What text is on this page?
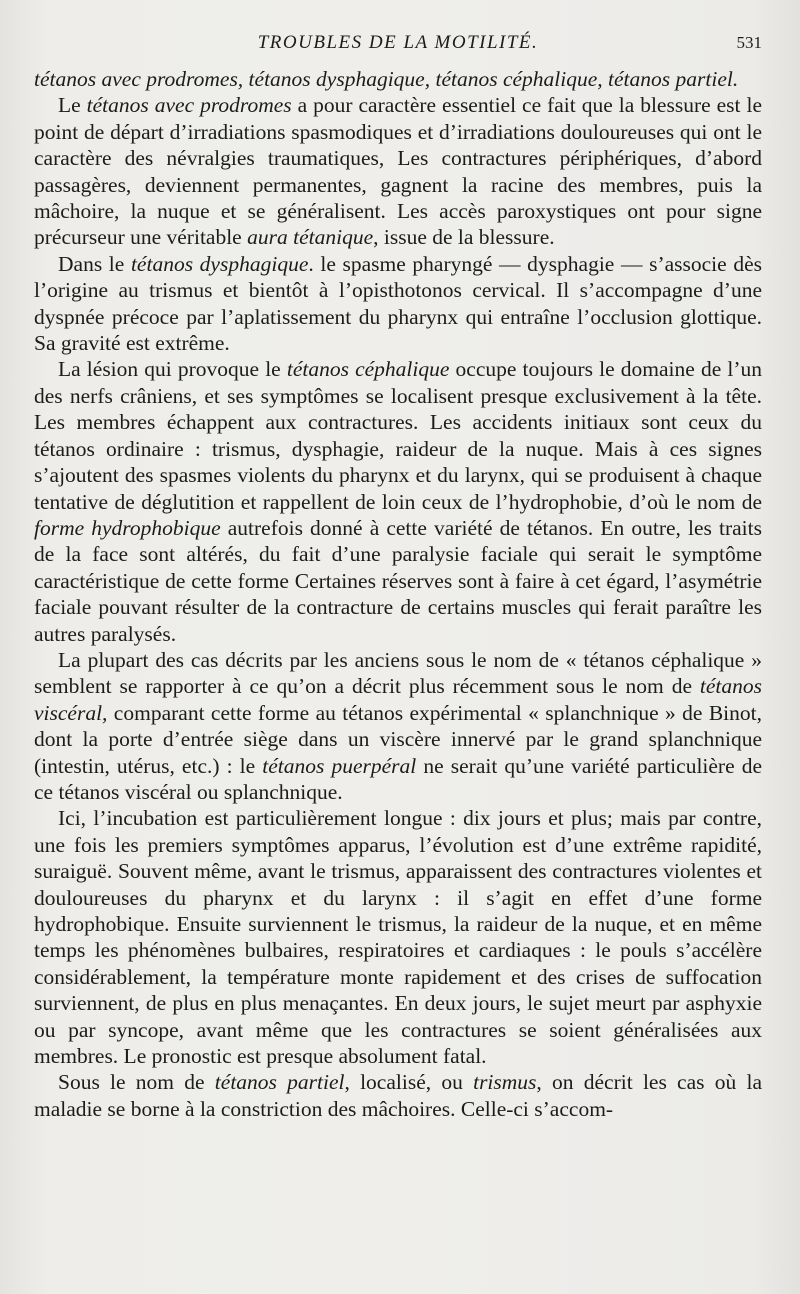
TROUBLES DE LA MOTILITÉ.	531

tétanos avec prodromes, tétanos dysphagique, tétanos céphalique, tétanos partiel.

Le tétanos avec prodromes a pour caractère essentiel ce fait que la blessure est le point de départ d’irradiations spasmodiques et d’irradiations douloureuses qui ont le caractère des névralgies traumatiques, Les contractures périphériques, d’abord passagères, deviennent permanentes, gagnent la racine des membres, puis la mâchoire, la nuque et se généralisent. Les accès paroxystiques ont pour signe précurseur une véritable aura tétanique, issue de la blessure.

Dans le tétanos dysphagique. le spasme pharyngé — dysphagie — s’associe dès l’origine au trismus et bientôt à l’opisthotonos cervical. Il s’accompagne d’une dyspnée précoce par l’aplatissement du pharynx qui entraîne l’occlusion glottique. Sa gravité est extrême.

La lésion qui provoque le tétanos céphalique occupe toujours le domaine de l’un des nerfs crâniens, et ses symptômes se localisent presque exclusivement à la tête. Les membres échappent aux contractures. Les accidents initiaux sont ceux du tétanos ordinaire : trismus, dysphagie, raideur de la nuque. Mais à ces signes s’ajoutent des spasmes violents du pharynx et du larynx, qui se produisent à chaque tentative de déglutition et rappellent de loin ceux de l’hydrophobie, d’où le nom de forme hydrophobique autrefois donné à cette variété de tétanos. En outre, les traits de la face sont altérés, du fait d’une paralysie faciale qui serait le symptôme caractéristique de cette forme Certaines réserves sont à faire à cet égard, l’asymétrie faciale pouvant résulter de la contracture de certains muscles qui ferait paraître les autres paralysés.

La plupart des cas décrits par les anciens sous le nom de « tétanos céphalique » semblent se rapporter à ce qu’on a décrit plus récemment sous le nom de tétanos viscéral, comparant cette forme au tétanos expérimental « splanchnique » de Binot, dont la porte d’entrée siège dans un viscère innervé par le grand splanchnique (intestin, utérus, etc.) : le tétanos puerpéral ne serait qu’une variété particulière de ce tétanos viscéral ou splanchnique.

Ici, l’incubation est particulièrement longue : dix jours et plus; mais par contre, une fois les premiers symptômes apparus, l’évolution est d’une extrême rapidité, suraiguë. Souvent même, avant le trismus, apparaissent des contractures violentes et douloureuses du pharynx et du larynx : il s’agit en effet d’une forme hydrophobique. Ensuite surviennent le trismus, la raideur de la nuque, et en même temps les phénomènes bulbaires, respiratoires et cardiaques : le pouls s’accélère considérablement, la température monte rapidement et des crises de suffocation surviennent, de plus en plus menaçantes. En deux jours, le sujet meurt par asphyxie ou par syncope, avant même que les contractures se soient généralisées aux membres. Le pronostic est presque absolument fatal.

Sous le nom de tétanos partiel, localisé, ou trismus, on décrit les cas où la maladie se borne à la constriction des mâchoires. Celle-ci s’accom-
